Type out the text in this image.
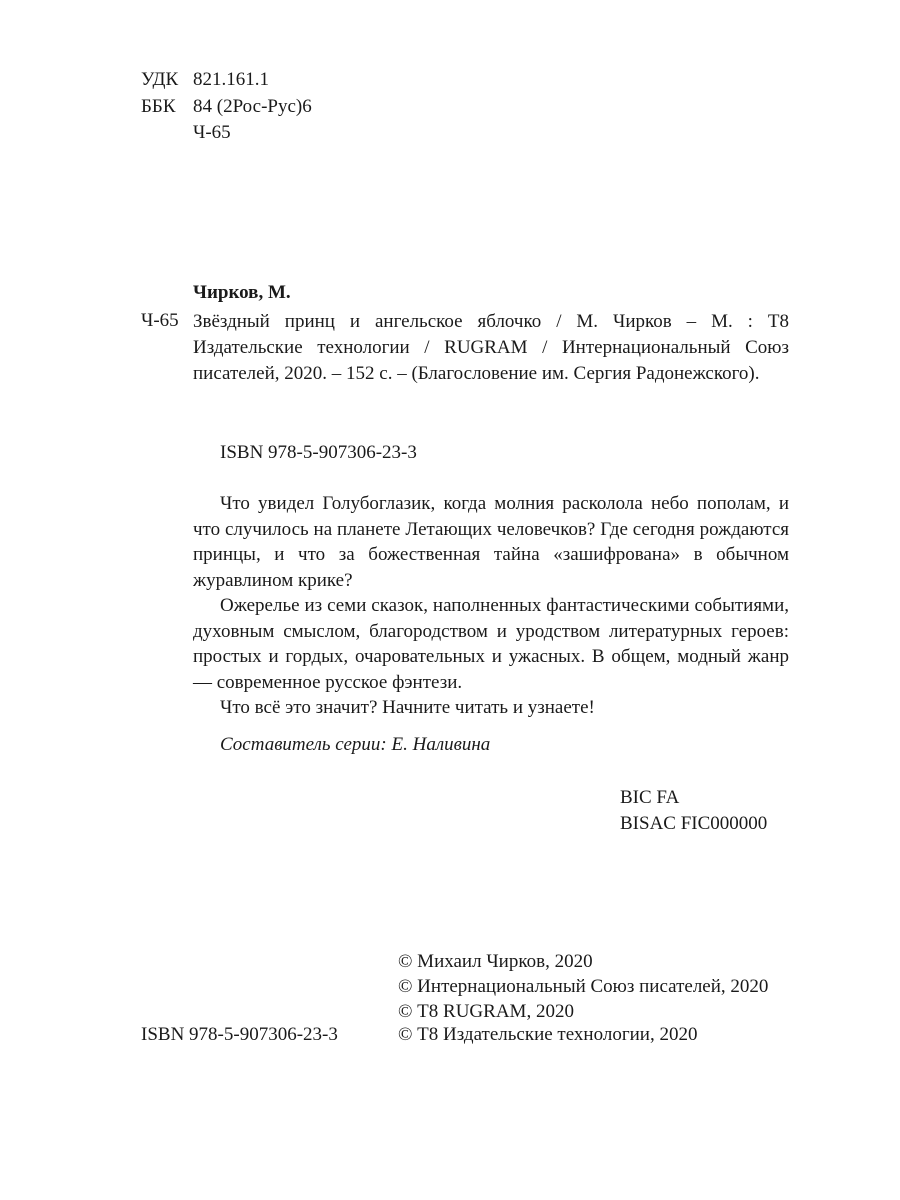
УДК 821.161.1
ББК 84 (2Рос-Рус)6
Ч-65
Чирков, М.
Ч-65 Звёздный принц и ангельское яблочко / М. Чирков – М. : Т8 Издательские технологии / RUGRAM / Интернациональный Союз писателей, 2020. – 152 с. – (Благословение им. Сергия Радонежского).
ISBN 978-5-907306-23-3

Что увидел Голубоглазик, когда молния расколола небо пополам, и что случилось на планете Летающих человечков? Где сегодня рождаются принцы, и что за божественная тайна «зашифрована» в обычном журавлином крике?

Ожерелье из семи сказок, наполненных фантастическими событиями, духовным смыслом, благородством и уродством литературных героев: простых и гордых, очаровательных и ужасных. В общем, модный жанр — современное русское фэнтези.

Что всё это значит? Начните читать и узнаете!

Составитель серии: Е. Наливина
BIC FA
BISAC FIC000000
© Михаил Чирков, 2020
© Интернациональный Союз писателей, 2020
© Т8 RUGRAM, 2020
© Т8 Издательские технологии, 2020
ISBN 978-5-907306-23-3
